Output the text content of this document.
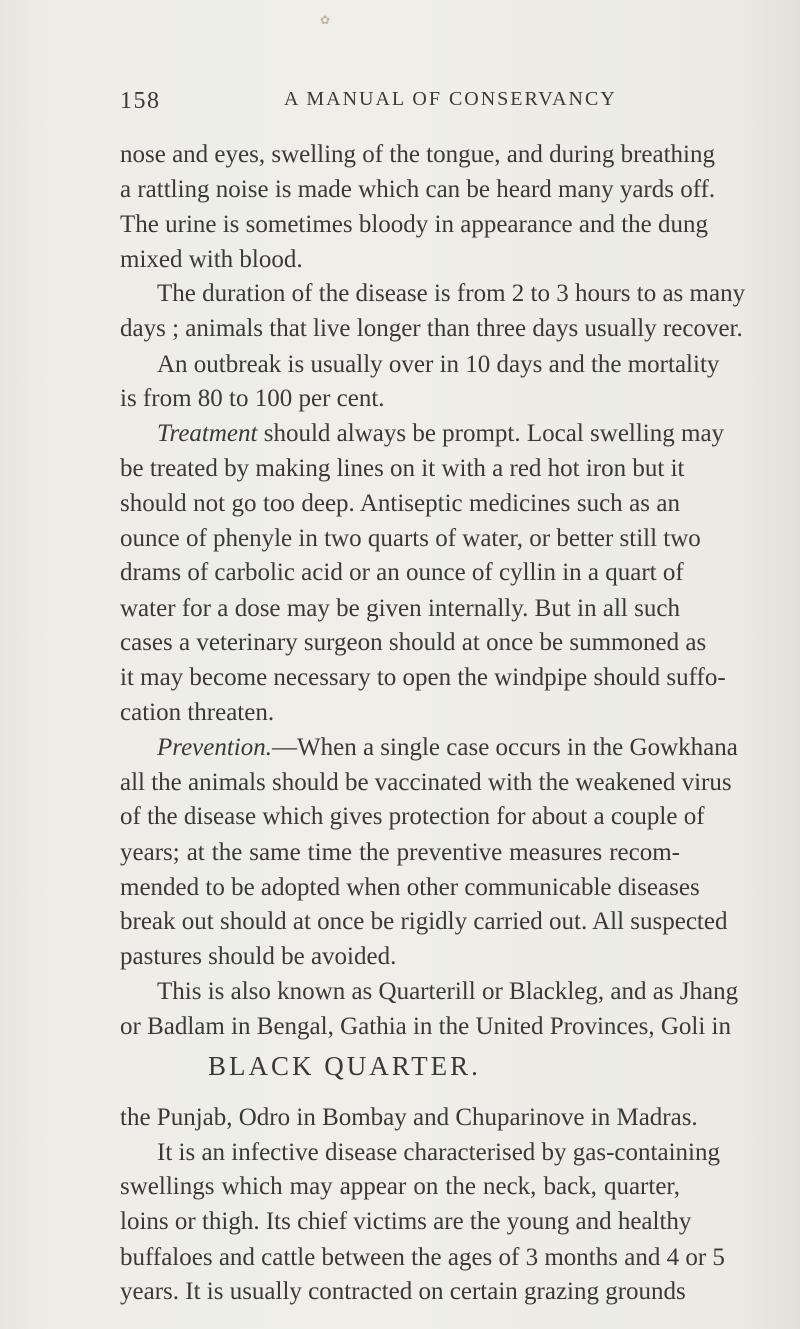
✿
158	A MANUAL OF CONSERVANCY
nose and eyes, swelling of the tongue, and during breathing
a rattling noise is made which can be heard many yards off.
The urine is sometimes bloody in appearance and the dung
mixed with blood.
The duration of the disease is from 2 to 3 hours to as many
days ; animals that live longer than three days usually recover.
An outbreak is usually over in 10 days and the mortality
is from 80 to 100 per cent.
Treatment should always be prompt. Local swelling may
be treated by making lines on it with a red hot iron but it
should not go too deep. Antiseptic medicines such as an
ounce of phenyle in two quarts of water, or better still two
drams of carbolic acid or an ounce of cyllin in a quart of
water for a dose may be given internally. But in all such
cases a veterinary surgeon should at once be summoned as
it may become necessary to open the windpipe should suffo-
cation threaten.
Prevention.—When a single case occurs in the Gowkhana
all the animals should be vaccinated with the weakened virus
of the disease which gives protection for about a couple of
years; at the same time the preventive measures recom-
mended to be adopted when other communicable diseases
break out should at once be rigidly carried out. All suspected
pastures should be avoided.
BLACK QUARTER.
This is also known as Quarterill or Blackleg, and as Jhang
or Badlam in Bengal, Gathia in the United Provinces, Goli in
the Punjab, Odro in Bombay and Chuparinove in Madras.
It is an infective disease characterised by gas-containing
swellings which may appear on the neck, back, quarter,
loins or thigh. Its chief victims are the young and healthy
buffaloes and cattle between the ages of 3 months and 4 or 5
years. It is usually contracted on certain grazing grounds
